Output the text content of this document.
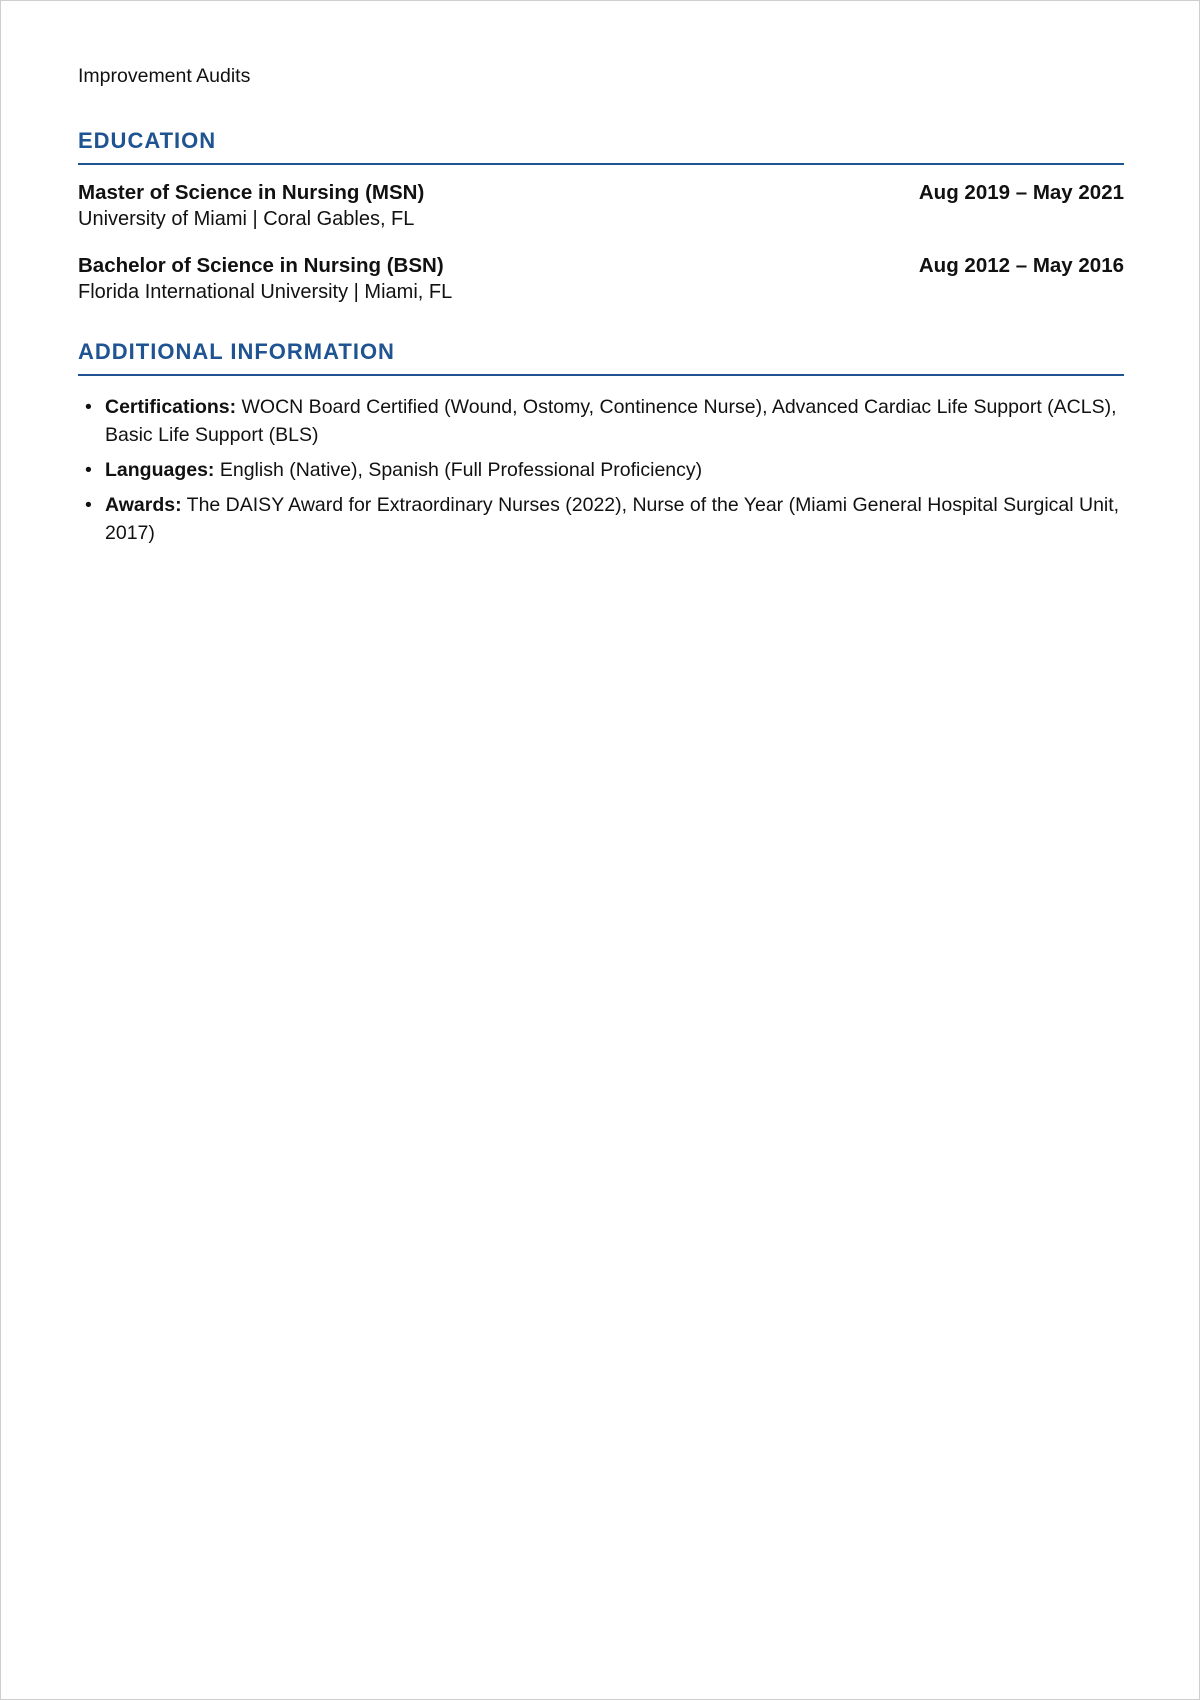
Improvement Audits
EDUCATION
Master of Science in Nursing (MSN)	Aug 2019 – May 2021
University of Miami | Coral Gables, FL
Bachelor of Science in Nursing (BSN)	Aug 2012 – May 2016
Florida International University | Miami, FL
ADDITIONAL INFORMATION
• Certifications: WOCN Board Certified (Wound, Ostomy, Continence Nurse), Advanced Cardiac Life Support (ACLS), Basic Life Support (BLS)
• Languages: English (Native), Spanish (Full Professional Proficiency)
• Awards: The DAISY Award for Extraordinary Nurses (2022), Nurse of the Year (Miami General Hospital Surgical Unit, 2017)
